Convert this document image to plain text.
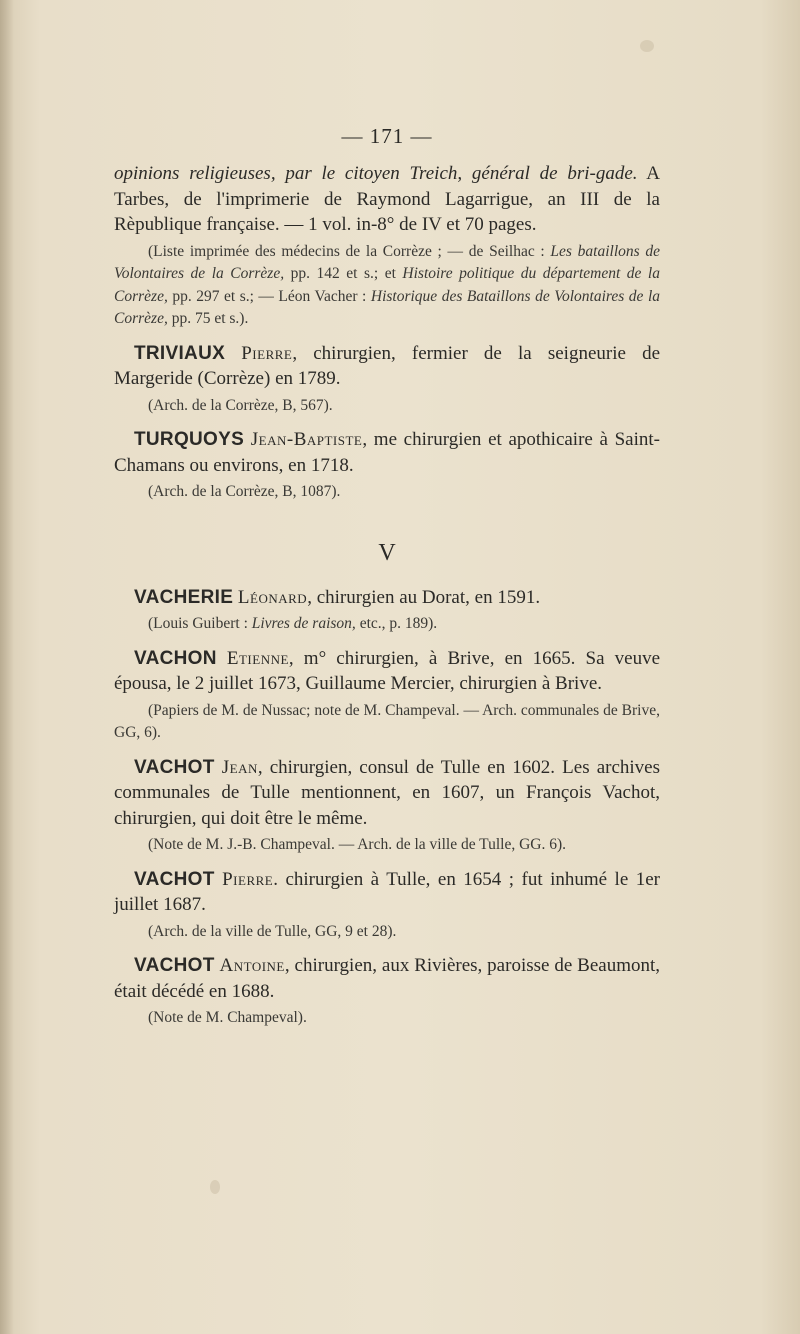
— 171 —

opinions religieuses, par le citoyen Treich, général de bri-gade. A Tarbes, de l'imprimerie de Raymond Lagarrigue, an III de la Rèpublique française. — 1 vol. in-8° de IV et 70 pages.

(Liste imprimée des médecins de la Corrèze ; — de Seilhac : Les bataillons de Volontaires de la Corrèze, pp. 142 et s.; et Histoire politique du département de la Corrèze, pp. 297 et s.; — Léon Vacher : Historique des Bataillons de Volontaires de la Corrèze, pp. 75 et s.).

TRIVIAUX Pierre, chirurgien, fermier de la seigneurie de Margeride (Corrèze) en 1789.

(Arch. de la Corrèze, B, 567).

TURQUOYS Jean-Baptiste, me chirurgien et apothicaire à Saint-Chamans ou environs, en 1718.

(Arch. de la Corrèze, B, 1087).

V

VACHERIE Léonard, chirurgien au Dorat, en 1591.

(Louis Guibert : Livres de raison, etc., p. 189).

VACHON Etienne, m° chirurgien, à Brive, en 1665. Sa veuve épousa, le 2 juillet 1673, Guillaume Mercier, chirurgien à Brive.

(Papiers de M. de Nussac; note de M. Champeval. — Arch. communales de Brive, GG, 6).

VACHOT Jean, chirurgien, consul de Tulle en 1602. Les archives communales de Tulle mentionnent, en 1607, un François Vachot, chirurgien, qui doit être le même.

(Note de M. J.-B. Champeval. — Arch. de la ville de Tulle, GG. 6).

VACHOT Pierre. chirurgien à Tulle, en 1654 ; fut inhumé le 1er juillet 1687.

(Arch. de la ville de Tulle, GG, 9 et 28).

VACHOT Antoine, chirurgien, aux Rivières, paroisse de Beaumont, était décédé en 1688.

(Note de M. Champeval).
